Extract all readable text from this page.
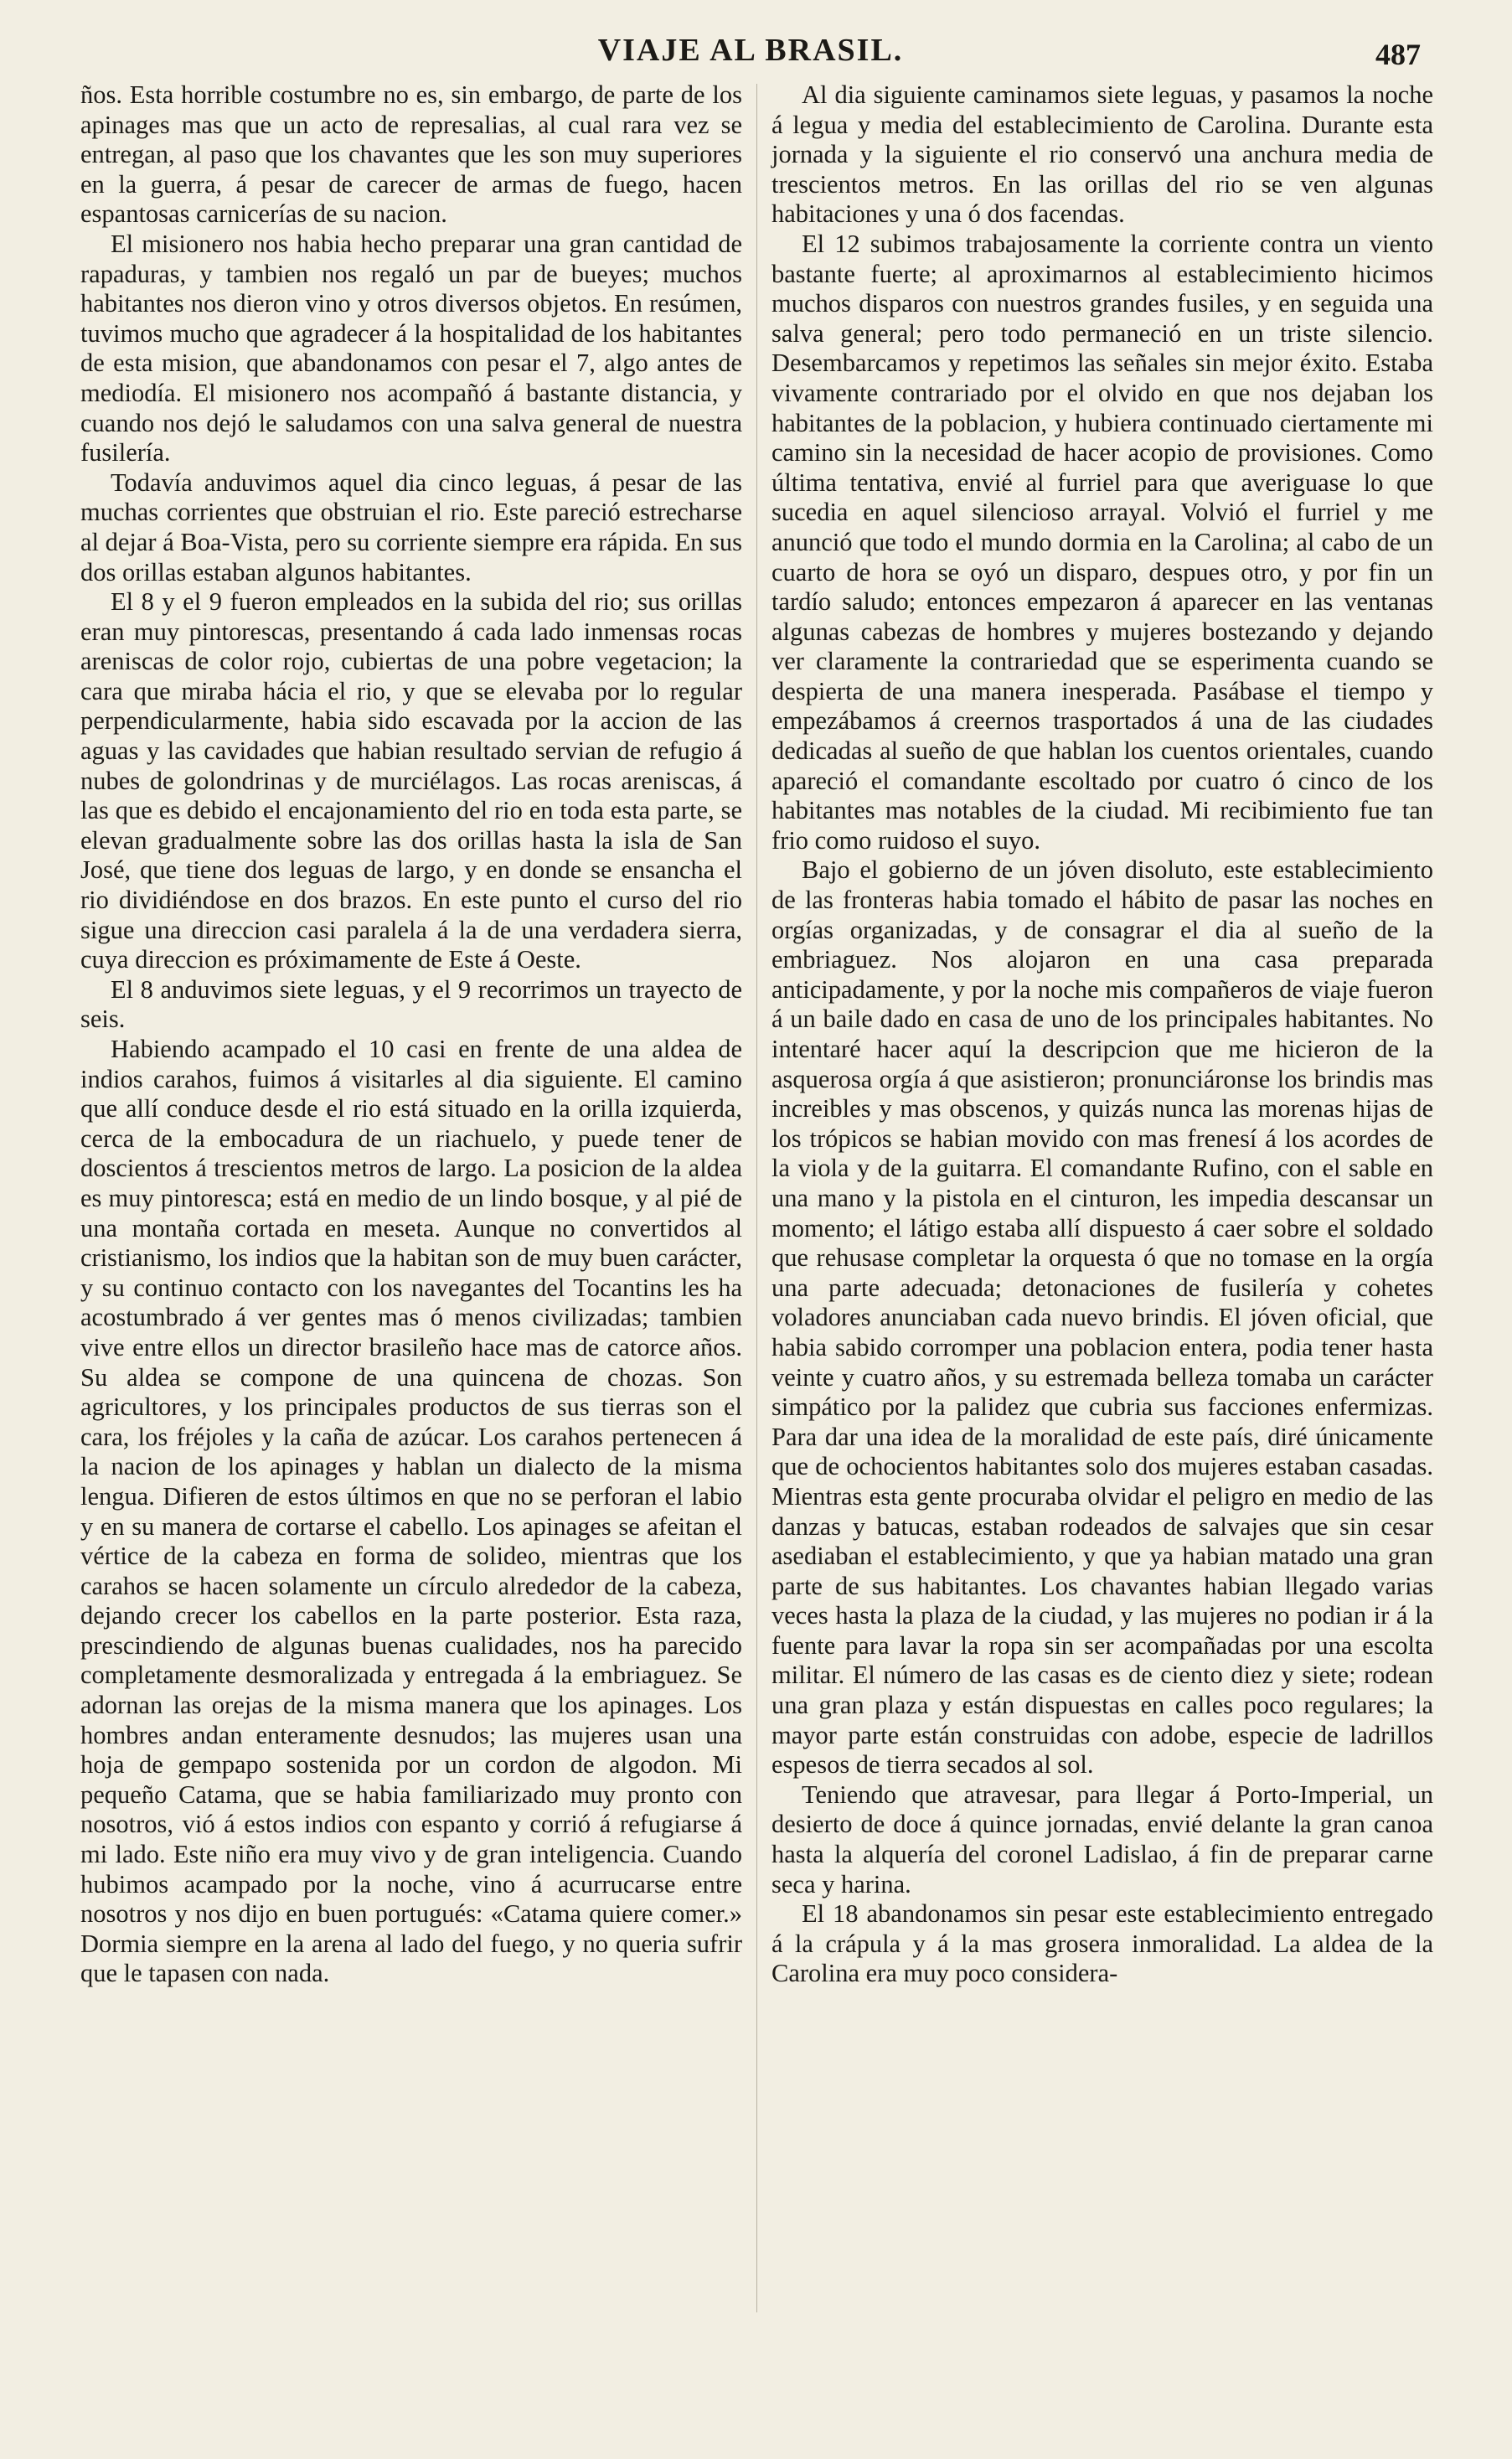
VIAJE AL BRASIL.	487

ños. Esta horrible costumbre no es, sin embargo, de parte de los apinages mas que un acto de represalias, al cual rara vez se entregan, al paso que los chavantes que les son muy superiores en la guerra, á pesar de carecer de armas de fuego, hacen espantosas carnicerías de su nacion.

El misionero nos habia hecho preparar una gran cantidad de rapaduras, y tambien nos regaló un par de bueyes; muchos habitantes nos dieron vino y otros diversos objetos. En resúmen, tuvimos mucho que agradecer á la hospitalidad de los habitantes de esta mision, que abandonamos con pesar el 7, algo antes de mediodía. El misionero nos acompañó á bastante distancia, y cuando nos dejó le saludamos con una salva general de nuestra fusilería.

Todavía anduvimos aquel dia cinco leguas, á pesar de las muchas corrientes que obstruian el rio. Este pareció estrecharse al dejar á Boa-Vista, pero su corriente siempre era rápida. En sus dos orillas estaban algunos habitantes.

El 8 y el 9 fueron empleados en la subida del rio; sus orillas eran muy pintorescas, presentando á cada lado inmensas rocas areniscas de color rojo, cubiertas de una pobre vegetacion; la cara que miraba hácia el rio, y que se elevaba por lo regular perpendicularmente, habia sido escavada por la accion de las aguas y las cavidades que habian resultado servian de refugio á nubes de golondrinas y de murciélagos. Las rocas areniscas, á las que es debido el encajonamiento del rio en toda esta parte, se elevan gradualmente sobre las dos orillas hasta la isla de San José, que tiene dos leguas de largo, y en donde se ensancha el rio dividiéndose en dos brazos. En este punto el curso del rio sigue una direccion casi paralela á la de una verdadera sierra, cuya direccion es próximamente de Este á Oeste.

El 8 anduvimos siete leguas, y el 9 recorrimos un trayecto de seis.

Habiendo acampado el 10 casi en frente de una aldea de indios carahos, fuimos á visitarles al dia siguiente. El camino que allí conduce desde el rio está situado en la orilla izquierda, cerca de la embocadura de un riachuelo, y puede tener de doscientos á trescientos metros de largo. La posicion de la aldea es muy pintoresca; está en medio de un lindo bosque, y al pié de una montaña cortada en meseta. Aunque no convertidos al cristianismo, los indios que la habitan son de muy buen carácter, y su continuo contacto con los navegantes del Tocantins les ha acostumbrado á ver gentes mas ó menos civilizadas; tambien vive entre ellos un director brasileño hace mas de catorce años. Su aldea se compone de una quincena de chozas. Son agricultores, y los principales productos de sus tierras son el cara, los fréjoles y la caña de azúcar. Los carahos pertenecen á la nacion de los apinages y hablan un dialecto de la misma lengua. Difieren de estos últimos en que no se perforan el labio y en su manera de cortarse el cabello. Los apinages se afeitan el vértice de la cabeza en forma de solideo, mientras que los carahos se hacen solamente un círculo alrededor de la cabeza, dejando crecer los cabellos en la parte posterior. Esta raza, prescindiendo de algunas buenas cualidades, nos ha parecido completamente desmoralizada y entregada á la embriaguez. Se adornan las orejas de la misma manera que los apinages. Los hombres andan enteramente desnudos; las mujeres usan una hoja de gempapo sostenida por un cordon de algodon. Mi pequeño Catama, que se habia familiarizado muy pronto con nosotros, vió á estos indios con espanto y corrió á refugiarse á mi lado. Este niño era muy vivo y de gran inteligencia. Cuando hubimos acampado por la noche, vino á acurrucarse entre nosotros y nos dijo en buen portugués: «Catama quiere comer.» Dormia siempre en la arena al lado del fuego, y no queria sufrir que le tapasen con nada.

Al dia siguiente caminamos siete leguas, y pasamos la noche á legua y media del establecimiento de Carolina. Durante esta jornada y la siguiente el rio conservó una anchura media de trescientos metros. En las orillas del rio se ven algunas habitaciones y una ó dos facendas.

El 12 subimos trabajosamente la corriente contra un viento bastante fuerte; al aproximarnos al establecimiento hicimos muchos disparos con nuestros grandes fusiles, y en seguida una salva general; pero todo permaneció en un triste silencio. Desembarcamos y repetimos las señales sin mejor éxito. Estaba vivamente contrariado por el olvido en que nos dejaban los habitantes de la poblacion, y hubiera continuado ciertamente mi camino sin la necesidad de hacer acopio de provisiones. Como última tentativa, envié al furriel para que averiguase lo que sucedia en aquel silencioso arrayal. Volvió el furriel y me anunció que todo el mundo dormia en la Carolina; al cabo de un cuarto de hora se oyó un disparo, despues otro, y por fin un tardío saludo; entonces empezaron á aparecer en las ventanas algunas cabezas de hombres y mujeres bostezando y dejando ver claramente la contrariedad que se esperimenta cuando se despierta de una manera inesperada. Pasábase el tiempo y empezábamos á creernos trasportados á una de las ciudades dedicadas al sueño de que hablan los cuentos orientales, cuando apareció el comandante escoltado por cuatro ó cinco de los habitantes mas notables de la ciudad. Mi recibimiento fue tan frio como ruidoso el suyo.

Bajo el gobierno de un jóven disoluto, este establecimiento de las fronteras habia tomado el hábito de pasar las noches en orgías organizadas, y de consagrar el dia al sueño de la embriaguez. Nos alojaron en una casa preparada anticipadamente, y por la noche mis compañeros de viaje fueron á un baile dado en casa de uno de los principales habitantes. No intentaré hacer aquí la descripcion que me hicieron de la asquerosa orgía á que asistieron; pronunciáronse los brindis mas increibles y mas obscenos, y quizás nunca las morenas hijas de los trópicos se habian movido con mas frenesí á los acordes de la viola y de la guitarra. El comandante Rufino, con el sable en una mano y la pistola en el cinturon, les impedia descansar un momento; el látigo estaba allí dispuesto á caer sobre el soldado que rehusase completar la orquesta ó que no tomase en la orgía una parte adecuada; detonaciones de fusilería y cohetes voladores anunciaban cada nuevo brindis. El jóven oficial, que habia sabido corromper una poblacion entera, podia tener hasta veinte y cuatro años, y su estremada belleza tomaba un carácter simpático por la palidez que cubria sus facciones enfermizas. Para dar una idea de la moralidad de este país, diré únicamente que de ochocientos habitantes solo dos mujeres estaban casadas. Mientras esta gente procuraba olvidar el peligro en medio de las danzas y batucas, estaban rodeados de salvajes que sin cesar asediaban el establecimiento, y que ya habian matado una gran parte de sus habitantes. Los chavantes habian llegado varias veces hasta la plaza de la ciudad, y las mujeres no podian ir á la fuente para lavar la ropa sin ser acompañadas por una escolta militar. El número de las casas es de ciento diez y siete; rodean una gran plaza y están dispuestas en calles poco regulares; la mayor parte están construidas con adobe, especie de ladrillos espesos de tierra secados al sol.

Teniendo que atravesar, para llegar á Porto-Imperial, un desierto de doce á quince jornadas, envié delante la gran canoa hasta la alquería del coronel Ladislao, á fin de preparar carne seca y harina.

El 18 abandonamos sin pesar este establecimiento entregado á la crápula y á la mas grosera inmoralidad. La aldea de la Carolina era muy poco considera-
